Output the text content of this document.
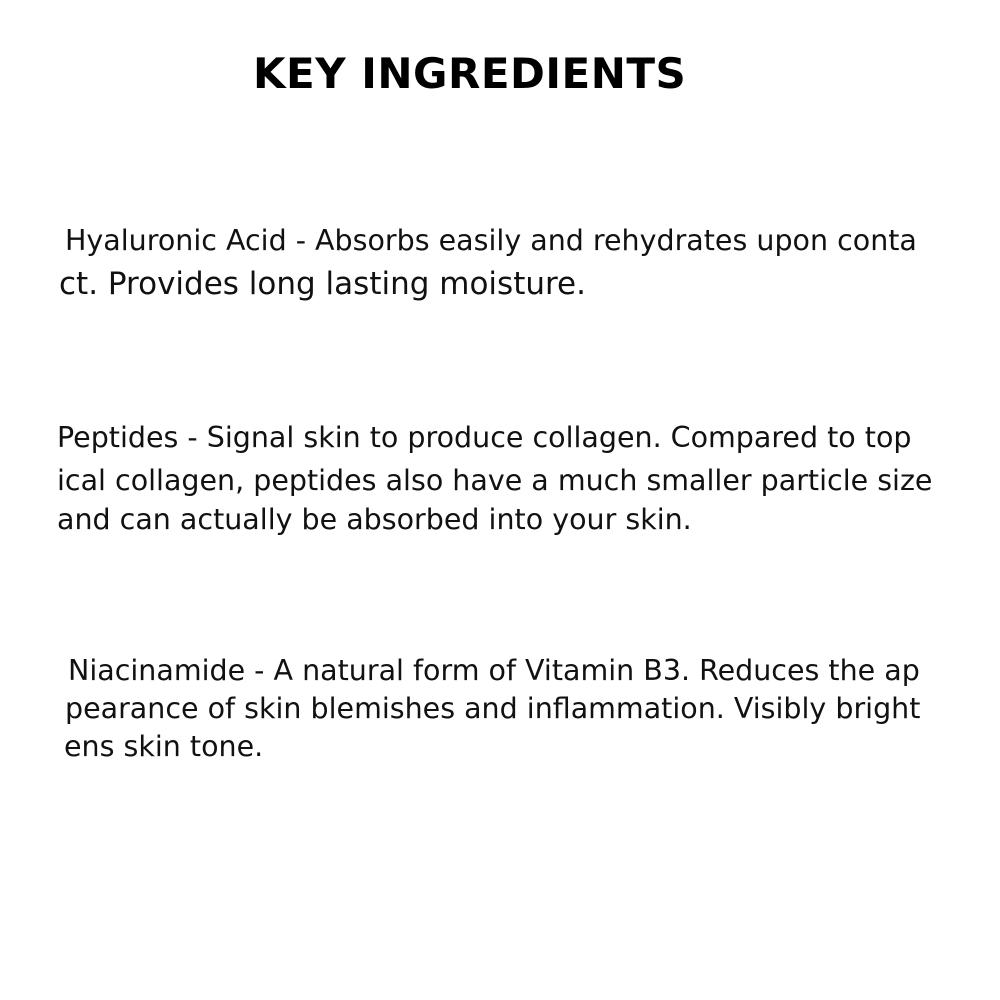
KEY INGREDIENTS

Hyaluronic Acid - Absorbs easily and rehydrates upon conta

ct. Provides long lasting moisture.

Peptides - Signal skin to produce collagen. Compared to top

ical collagen, peptides also have a much smaller particle size

and can actually be absorbed into your skin.

Niacinamide - A natural form of Vitamin B3. Reduces the ap

pearance of skin blemishes and inflammation. Visibly bright

ens skin tone.
